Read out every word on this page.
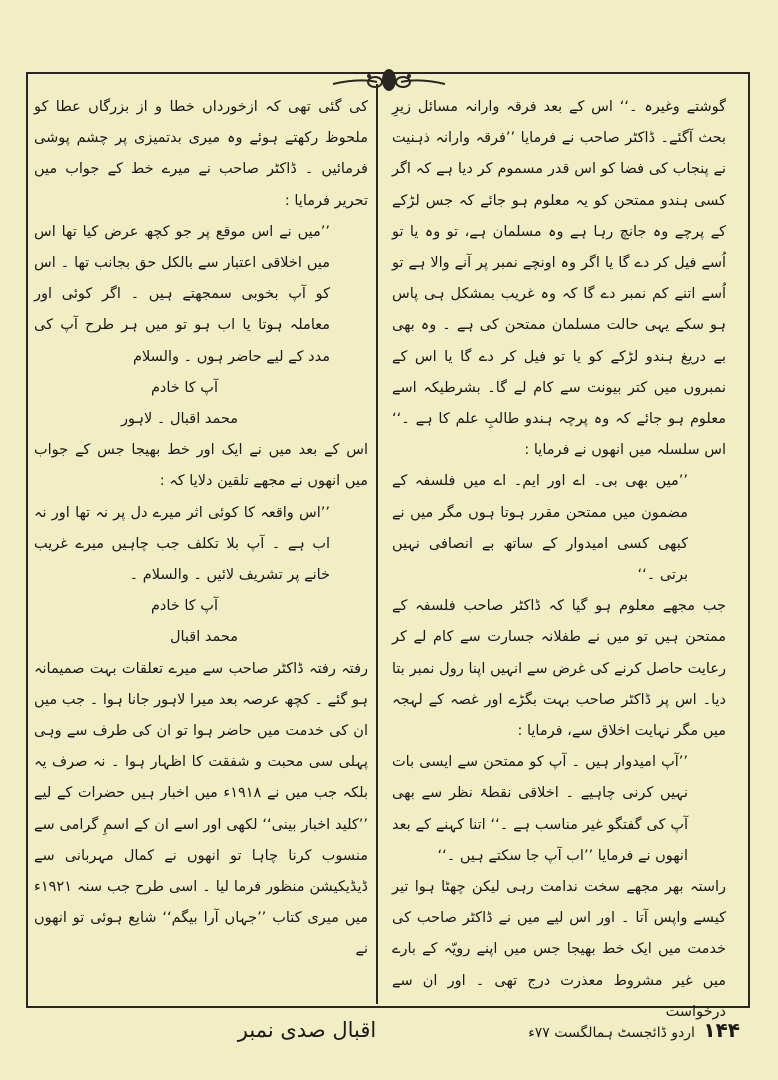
گوشتے وغیرہ ۔‘‘ اس کے بعد فرقہ وارانہ مسائل زیرِ بحث آگئے۔ ڈاکٹر صاحب نے فرمایا ’’فرقہ وارانہ ذہنیت نے پنجاب کی فضا کو اس قدر مسموم کر دیا ہے کہ اگر کسی ہندو ممتحن کو یہ معلوم ہو جائے کہ جس لڑکے کے پرچے وہ جانچ رہا ہے وہ مسلمان ہے، تو وہ یا تو اُسے فیل کر دے گا یا اگر وہ اونچے نمبر پر آنے والا ہے تو اُسے اتنے کم نمبر دے گا کہ وہ غریب بمشکل ہی پاس ہو سکے یہی حالت مسلمان ممتحن کی ہے ۔ وہ بھی بے دریغ ہندو لڑکے کو یا تو فیل کر دے گا یا اس کے نمبروں میں کتر بیونت سے کام لے گا۔ بشرطیکہ اسے معلوم ہو جائے کہ وہ پرچہ ہندو طالبِ علم کا ہے ۔‘‘ اس سلسلہ میں انھوں نے فرمایا :

’’میں بھی بی۔ اے اور ایم۔ اے میں فلسفہ کے مضمون میں ممتحن مقرر ہوتا ہوں مگر میں نے کبھی کسی امیدوار کے ساتھ بے انصافی نہیں برتی ۔‘‘

جب مجھے معلوم ہو گیا کہ ڈاکٹر صاحب فلسفہ کے ممتحن ہیں تو میں نے طفلانہ جسارت سے کام لے کر رعایت حاصل کرنے کی غرض سے انہیں اپنا رول نمبر بتا دیا۔ اس پر ڈاکٹر صاحب بہت بگڑے اور غصہ کے لہجہ میں مگر نہایت اخلاق سے، فرمایا :

’’آپ امیدوار ہیں ۔ آپ کو ممتحن سے ایسی بات نہیں کرنی چاہیے ۔ اخلاقی نقطۂ نظر سے بھی آپ کی گفتگو غیر مناسب ہے ۔‘‘ اتنا کہنے کے بعد انھوں نے فرمایا ’’اب آپ جا سکتے ہیں ۔‘‘

راستہ بھر مجھے سخت ندامت رہی لیکن چھٹا ہوا تیر کیسے واپس آتا ۔ اور اس لیے میں نے ڈاکٹر صاحب کی خدمت میں ایک خط بھیجا جس میں اپنے رویّہ کے بارے میں غیر مشروط معذرت درج تھی ۔ اور ان سے درخواست

کی گئی تھی کہ ازخورداں خطا و از بزرگاں عطا کو ملحوظ رکھتے ہوئے وہ میری بدتمیزی پر چشم پوشی فرمائیں ۔ ڈاکٹر صاحب نے میرے خط کے جواب میں تحریر فرمایا :

’’میں نے اس موقع پر جو کچھ عرض کیا تھا اس میں اخلاقی اعتبار سے بالکل حق بجانب تھا ۔ اس کو آپ بخوبی سمجھتے ہیں ۔ اگر کوئی اور معاملہ ہوتا یا اب ہو تو میں ہر طرح آپ کی مدد کے لیے حاضر ہوں ۔ والسلام

آپ کا خادم

محمد اقبال ۔ لاہور

اس کے بعد میں نے ایک اور خط بھیجا جس کے جواب میں انھوں نے مجھے تلقین دلایا کہ :

’’اس واقعہ کا کوئی اثر میرے دل پر نہ تھا اور نہ اب ہے ۔ آپ بلا تکلف جب چاہیں میرے غریب خانے پر تشریف لائیں ۔ والسلام ۔

آپ کا خادم

محمد اقبال

رفتہ رفتہ ڈاکٹر صاحب سے میرے تعلقات بہت صمیمانہ ہو گئے ۔ کچھ عرصہ بعد میرا لاہور جانا ہوا ۔ جب میں ان کی خدمت میں حاضر ہوا تو ان کی طرف سے وہی پہلی سی محبت و شفقت کا اظہار ہوا ۔ نہ صرف یہ بلکہ جب میں نے ۱۹۱۸ء میں اخبار ہیں حضرات کے لیے ’’کلید اخبار بینی‘‘ لکھی اور اسے ان کے اسمِ گرامی سے منسوب کرنا چاہا تو انھوں نے کمال مہربانی سے ڈیڈیکیشن منظور فرما لیا ۔ اسی طرح جب سنہ ۱۹۲۱ء میں میری کتاب ’’جہاں آرا بیگم‘‘ شایع ہوئی تو انھوں نے

اقبال صدی نمبر	۱۴۴ اردو ڈائجسٹ ہمالگست ۷۷ء
